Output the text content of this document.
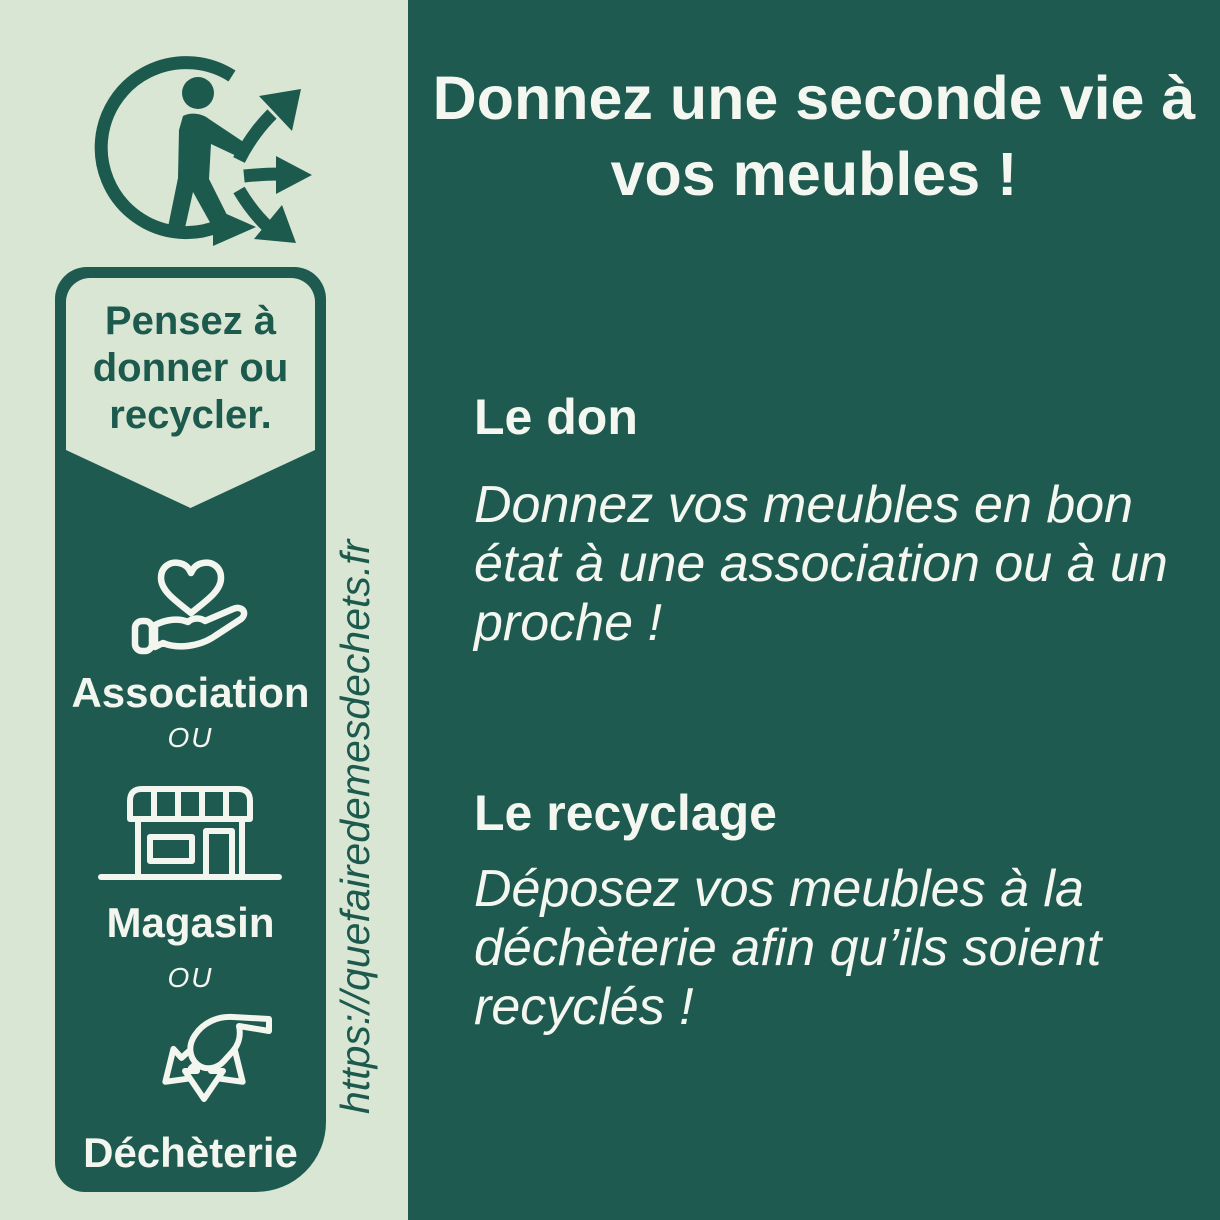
Pensez à donner ou recycler.
Association
OU
Magasin
OU
Déchèterie
https://quefairedemesdechets.fr
Donnez une seconde vie à vos meubles !
Le don
Donnez vos meubles en bon état à une association ou à un proche !
Le recyclage
Déposez vos meubles à la déchèterie afin qu’ils soient recyclés !
